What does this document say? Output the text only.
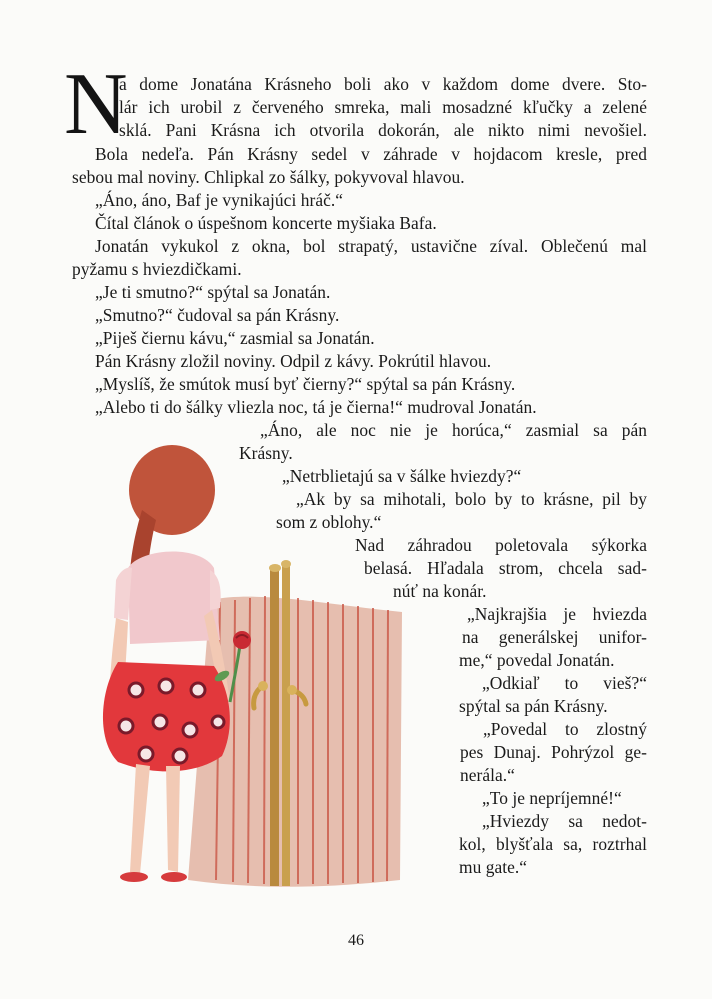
N
a dome Jonatána Krásneho boli ako v každom dome dvere. Sto-
lár ich urobil z červeného smreka, mali mosadzné kľučky a zelené
sklá. Pani Krásna ich otvorila dokorán, ale nikto nimi nevošiel.
Bola nedeľa. Pán Krásny sedel v záhrade v hojdacom kresle, pred
sebou mal noviny. Chlipkal zo šálky, pokyvoval hlavou.
„Áno, áno, Baf je vynikajúci hráč.“
Čítal článok o úspešnom koncerte myšiaka Bafa.
Jonatán vykukol z okna, bol strapatý, ustavične zíval. Oblečenú mal
pyžamu s hviezdičkami.
„Je ti smutno?“ spýtal sa Jonatán.
„Smutno?“ čudoval sa pán Krásny.
„Piješ čiernu kávu,“ zasmial sa Jonatán.
Pán Krásny zložil noviny. Odpil z kávy. Pokrútil hlavou.
„Myslíš, že smútok musí byť čierny?“ spýtal sa pán Krásny.
„Alebo ti do šálky vliezla noc, tá je čierna!“ mudroval Jonatán.
„Áno, ale noc nie je horúca,“ zasmial sa pán
Krásny.
„Netrblietajú sa v šálke hviezdy?“
„Ak by sa mihotali, bolo by to krásne, pil by
som z oblohy.“
Nad záhradou poletovala sýkorka
belasá. Hľadala strom, chcela sad-
núť na konár.
„Najkrajšia je hviezda
na generálskej unifor-
me,“ povedal Jonatán.
„Odkiaľ to vieš?“
spýtal sa pán Krásny.
„Povedal to zlostný
pes Dunaj. Pohrýzol ge-
nerála.“
„To je nepríjemné!“
„Hviezdy sa nedot-
kol, blyšťala sa, roztrhal
mu gate.“
46
